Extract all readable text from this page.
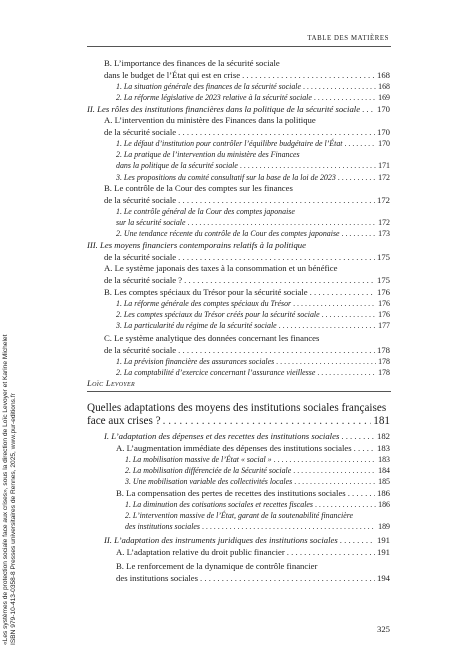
TABLE DES MATIÈRES
«Les systèmes de protection sociale face aux crises», sous la direction de Loïc Levoyer et Karine Michelet ISBN 979-10-413-0358-8 Presses universitaires de Rennes, 2025, www.pur-editions.fr
Loïc Levoyer
B. L’importance des finances de la sécurité sociale
dans le budget de l’État qui est en crise . . .	168
1. La situation générale des finances de la sécurité sociale . . .	168
2. La réforme législative de 2023 relative à la sécurité sociale . . .	169
II. Les rôles des institutions financières dans la politique de la sécurité sociale . . . 170
A. L’intervention du ministère des Finances dans la politique
de la sécurité sociale . . .	170
1. Le défaut d’institution pour contrôler l’équilibre budgétaire de l’État . . .	170
2. La pratique de l’intervention du ministère des Finances
dans la politique de la sécurité sociale . . .	171
3. Les propositions du comité consultatif sur la base de la loi de 2023 . . .	172
B. Le contrôle de la Cour des comptes sur les finances
de la sécurité sociale . . .	172
1. Le contrôle général de la Cour des comptes japonaise
sur la sécurité sociale . . .	172
2. Une tendance récente du contrôle de la Cour des comptes japonaise . . .	173
III. Les moyens financiers contemporains relatifs à la politique
de la sécurité sociale . . .	175
A. Le système japonais des taxes à la consommation et un bénéfice
de la sécurité sociale ? . . .	175
B. Les comptes spéciaux du Trésor pour la sécurité sociale . . .	176
1. La réforme générale des comptes spéciaux du Trésor . . .	176
2. Les comptes spéciaux du Trésor créés pour la sécurité sociale . . .	176
3. La particularité du régime de la sécurité sociale . . .	177
C. Le système analytique des données concernant les finances
de la sécurité sociale . . .	178
1. La prévision financière des assurances sociales . . .	178
2. La comptabilité d’exercice concernant l’assurance vieillesse . . .	178
Quelles adaptations des moyens des institutions sociales françaises
face aux crises ? . . .	181
I. L’adaptation des dépenses et des recettes des institutions sociales . . .	182
A. L’augmentation immédiate des dépenses des institutions sociales . . .	183
1. La mobilisation massive de l’État « social » . . .	183
2. La mobilisation différenciée de la Sécurité sociale . . .	184
3. Une mobilisation variable des collectivités locales . . .	185
B. La compensation des pertes de recettes des institutions sociales . . .	186
1. La diminution des cotisations sociales et recettes fiscales . . .	186
2. L’intervention massive de l’État, garant de la soutenabilité financière
des institutions sociales . . .	189
II. L’adaptation des instruments juridiques des institutions sociales . . .	191
A. L’adaptation relative du droit public financier . . .	191
B. Le renforcement de la dynamique de contrôle financier
des institutions sociales . . .	194
325
